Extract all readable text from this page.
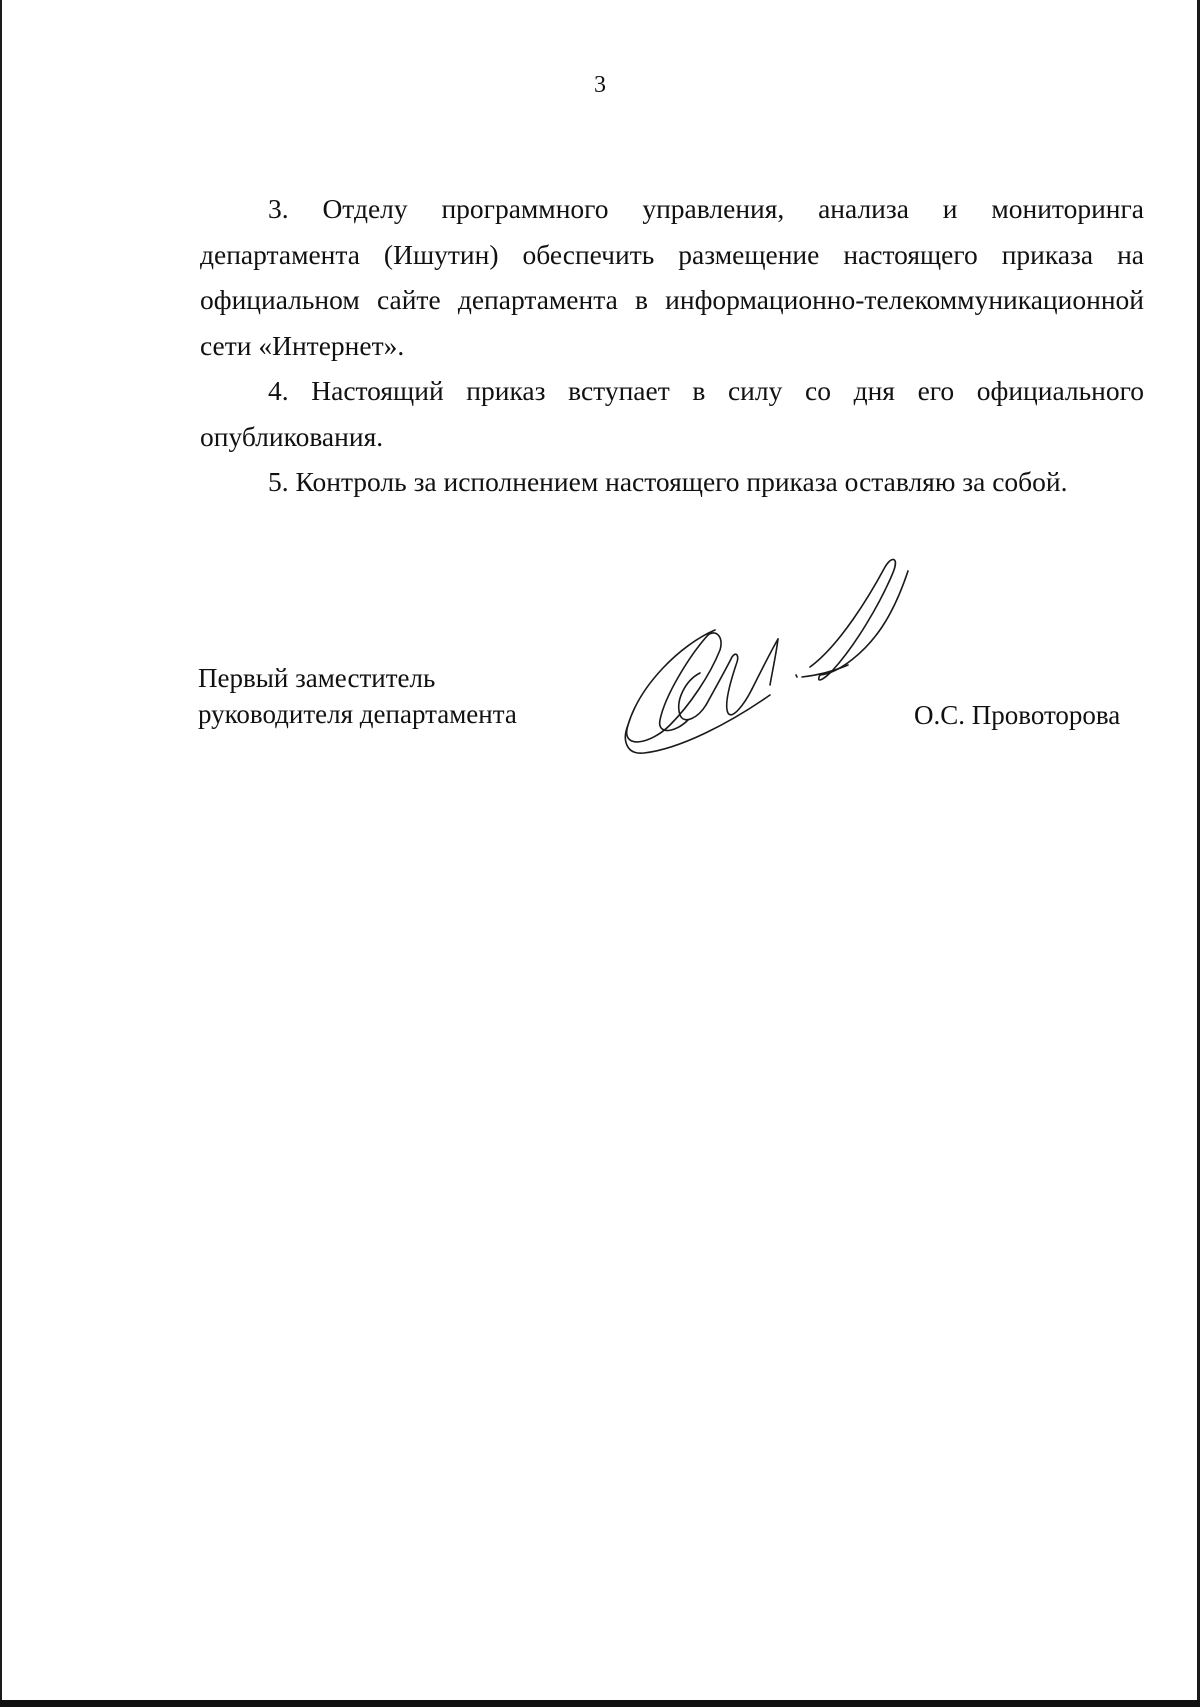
3

3. Отделу программного управления, анализа и мониторинга департамента (Ишутин) обеспечить размещение настоящего приказа на официальном сайте департамента в информационно-телекоммуникационной сети «Интернет».

4. Настоящий приказ вступает в силу со дня его официального опубликования.

5. Контроль за исполнением настоящего приказа оставляю за собой.

Первый заместитель
руководителя департамента	О.С. Провоторова
